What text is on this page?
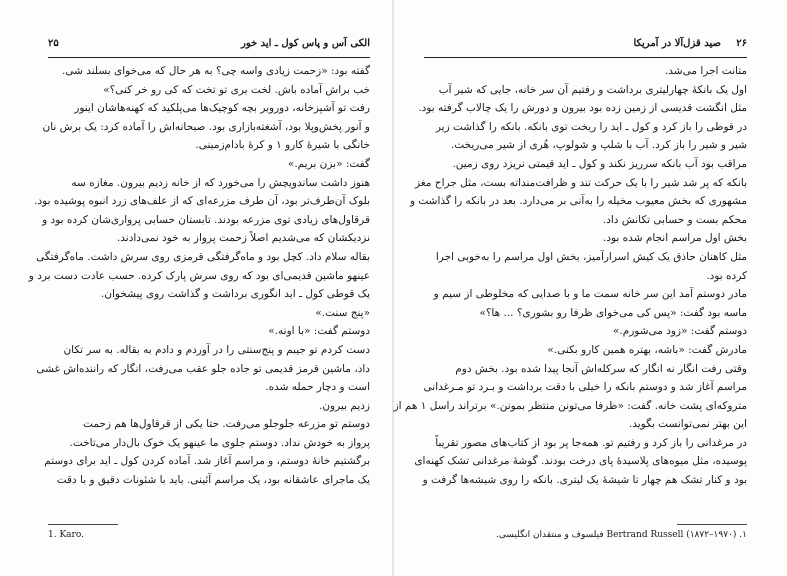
۲۵	الکی آس و پاس کول ـ اید خور
گفته بود: «زحمت زیادی واسه چی؟ به هر حال که می‌خوای بسلند شی.
خب براش آماده باش. لخت بری تو تخت که کی رو خر کنی؟»
رفت تو آشپزخانه، دوروبر بچه کوچیک‌ها می‌پلکید که کهنه‌هاشان اینور
و آنور پخش‌وپلا بود، آشغته‌بازاری بود. صبحانه‌اش را آماده کرد: یک برش نان
خانگی با شیرهٔ کارو ۱ و کرهٔ بادام‌زمینی.
گفت: «بزن بریم.»
هنوز داشت ساندویچش را می‌خورد که از خانه زدیم بیرون. مغازه سه
بلوک آن‌طرف‌تر بود، آن طرف مزرعه‌ای که از علف‌های زرد انبوه پوشیده بود.
قرقاول‌های زیادی توی مزرعه بودند. تابستان حسابی پرواری‌شان کرده بود و
نزدیکشان که می‌شدیم اصلاً زحمت پرواز به خود نمی‌دادند.
بقاله سلام داد. کچل بود و ماه‌گرفتگی قرمزی روی سرش داشت. ماه‌گرفتگی
عینهو ماشین قدیمی‌ای بود که روی سرش پارک کرده. حسب عادت دست برد و
یک قوطی کول ـ اید انگوری برداشت و گذاشت روی پیشخوان.
«پنج سنت.»
دوستم گفت: «با اونه.»
دست کردم تو جیبم و پنج‌سنتی را در آوردم و دادم به بقاله. به سر تکان
داد، ماشین قرمز قدیمی‌ تو جاده جلو عقب می‌رفت، انگار که راننده‌اش غشی
است و دچار حمله شده.
زدیم بیرون.
دوستم تو مزرعه جلوجلو می‌رفت. حتا یکی از قرقاول‌ها هم زحمت
پرواز به خودش نداد. دوستم جلوی ما عینهو یک خوک بال‌دار می‌تاخت.
برگشتیم خانهٔ دوستم، و مراسم آغاز شد. آماده کردن کول ـ اید برای دوستم
یک ماجرای عاشقانه بود، یک مراسم آئینی. باید با شئونات دقیق و با دقت
1. Karo.
۲۶
صید قزل‌آلا در آمریکا
متانت اجرا می‌شد.
اول یک بانکهٔ چهارلیتری برداشت و رفتیم آن سر خانه، جایی که شیر آب
مثل انگشت قدیسی از زمین زده بود بیرون و دورش را یک چالاب گرفته بود.
در قوطی را باز کرد و کول ـ اید را ریخت توی بانکه. بانکه را گذاشت زیر
شیر و شیر را باز کرد. آب با شلپ و شولوپ، هُری از شیر می‌ریخت.
مراقب بود آب بانکه سرریز نکند و کول ـ اید قیمتی نریزد روی زمین.
بانکه که پر شد شیر را با یک حرکت تند و ظرافت‌منداته بست، مثل جراح مغز
مشهوری که بخش معیوب مخیله را به‌آنی بر می‌دارد. بعد در بانکه را گذاشت و
محکم بست و حسابی تکانش داد.
بخش اول مراسم انجام شده بود.
مثل کاهنان حاذق یک کیش اسرارآمیز، بخش اول مراسم را به‌خوبی اجرا
کرده بود.
مادر دوستم آمد این سر خانه سمت ما و با صدایی که مخلوطی از سیم و
ماسه بود گفت: «پس کی می‌خوای ظرفا رو بشوری؟ ... ها؟»
دوستم گفت: «زود می‌شورم.»
مادرش گفت: «باشه، بهتره همین کارو بکنی.»
وقتی رفت انگار نه انگار که سرکله‌اش آنجا پیدا شده بود. بخش دوم
مراسم آغاز شد و دوستم بانکه را خیلی با دقت برداشت و بـرد تو مـرغدانی
متروکه‌ای پشت خانه. گفت: «ظرفا می‌تونن منتظر بمونن.» برتراند راسل ۱ هم از
این بهتر نمی‌توانست بگوید.
در مرغدانی را باز کرد و رفتیم تو. همه‌جا پر بود از کتاب‌های مصور تقریباً
پوسیده، مثل میوه‌های پلاسیدهٔ پای درخت بودند. گوشهٔ مرغدانی تشک کهنه‌ای
بود و کنار تشک هم چهار تا شیشهٔ یک لیتری. بانکه را روی شیشه‌ها گرفت و
۱. Bertrand Russell (۱۸۷۲–۱۹۷۰) فیلسوف و منتقدان انگلیسی.
